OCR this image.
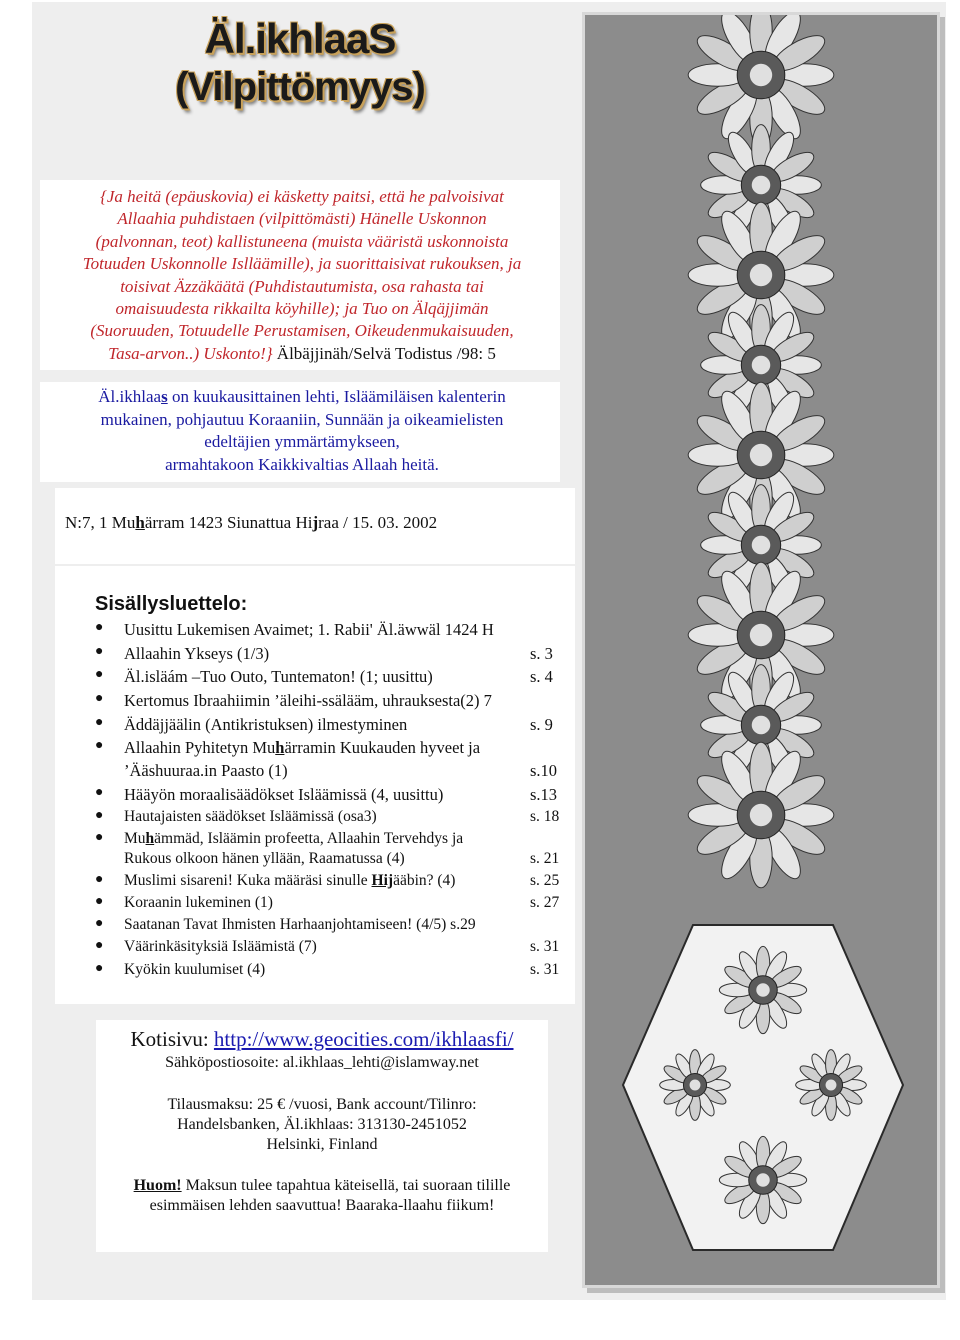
Äl.ikhlaaS
(Vilpittömyys)
{Ja heitä (epäuskovia) ei käsketty paitsi, että he palvoisivat
Allaahia puhdistaen (vilpittömästi) Hänelle Uskonnon
(palvonnan, teot) kallistuneena (muista vääristä uskonnoista
Totuuden Uskonnolle Islläämille), ja suorittaisivat rukouksen, ja
toisivat Äzzäkäätä (Puhdistautumista, osa rahasta tai
omaisuudesta rikkailta köyhille); ja Tuo on Älqäjjimän
(Suoruuden, Totuudelle Perustamisen, Oikeudenmukaisuuden,
Tasa-arvon..) Uskonto!} Älbäjjinäh/Selvä Todistus /98: 5
Äl.ikhlaas on kuukausittainen lehti, Isläämiläisen kalenterin
mukainen, pohjautuu Koraaniin, Sunnään ja oikeamielisten
edeltäjien ymmärtämykseen,
armahtakoon Kaikkivaltias Allaah heitä.
N:7, 1 Muhärram 1423 Siunattua Hijraa / 15. 03. 2002
Sisällysluettelo:
● Uusittu Lukemisen Avaimet; 1. Rabii' Äl.äwwäl 1424 H
● Allaahin Ykseys (1/3)	s. 3
● Äl.isläám –Tuo Outo, Tuntematon! (1; uusittu)	s. 4
● Kertomus Ibraahiimin ’äleihi-ssälääm, uhrauksesta(2) 7
● Äddäjjäälin (Antikristuksen) ilmestyminen	s. 9
● Allaahin Pyhitetyn Muhärramin Kuukauden hyveet ja
’Ääshuuraa.in Paasto (1)	s.10
● Hääyön moraalisäädökset Isläämissä (4, uusittu)	s.13
● Hautajaisten säädökset Isläämissä (osa3)	s. 18
● Muhämmäd, Isläämin profeetta, Allaahin Tervehdys ja
Rukous olkoon hänen yllään, Raamatussa (4)	s. 21
● Muslimi sisareni! Kuka määräsi sinulle Hijääbin? (4)	s. 25
● Koraanin lukeminen (1)	s. 27
● Saatanan Tavat Ihmisten Harhaanjohtamiseen! (4/5) s.29
● Väärinkäsityksiä Isläämistä (7)	s. 31
● Kyökin kuulumiset (4)	s. 31
Kotisivu: http://www.geocities.com/ikhlaasfi/
Sähköpostiosoite: al.ikhlaas_lehti@islamway.net
Tilausmaksu: 25 € /vuosi, Bank account/Tilinro:
Handelsbanken, Äl.ikhlaas: 313130-2451052
Helsinki, Finland
Huom! Maksun tulee tapahtua käteisellä, tai suoraan tilille
esimmäisen lehden saavuttua! Baaraka-llaahu fiikum!
